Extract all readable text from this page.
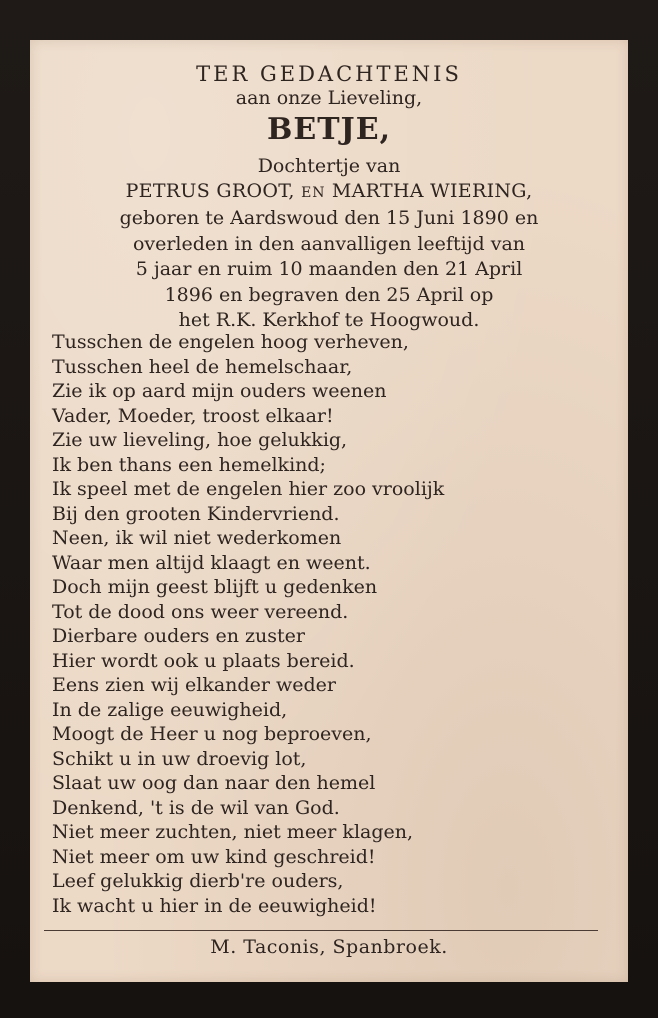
TER GEDACHTENIS
aan onze Lieveling,
BETJE,
Dochtertje van
PETRUS GROOT, EN MARTHA WIERING,
geboren te Aardswoud den 15 Juni 1890 en
overleden in den aanvalligen leeftijd van
5 jaar en ruim 10 maanden den 21 April
1896 en begraven den 25 April op
het R.K. Kerkhof te Hoogwoud.
Tusschen de engelen hoog verheven,
Tusschen heel de hemelschaar,
Zie ik op aard mijn ouders weenen
Vader, Moeder, troost elkaar!
Zie uw lieveling, hoe gelukkig,
Ik ben thans een hemelkind;
Ik speel met de engelen hier zoo vroolijk
Bij den grooten Kindervriend.
Neen, ik wil niet wederkomen
Waar men altijd klaagt en weent.
Doch mijn geest blijft u gedenken
Tot de dood ons weer vereend.
Dierbare ouders en zuster
Hier wordt ook u plaats bereid.
Eens zien wij elkander weder
In de zalige eeuwigheid,
Moogt de Heer u nog beproeven,
Schikt u in uw droevig lot,
Slaat uw oog dan naar den hemel
Denkend, 't is de wil van God.
Niet meer zuchten, niet meer klagen,
Niet meer om uw kind geschreid!
Leef gelukkig dierb're ouders,
Ik wacht u hier in de eeuwigheid!
M. Taconis, Spanbroek.
